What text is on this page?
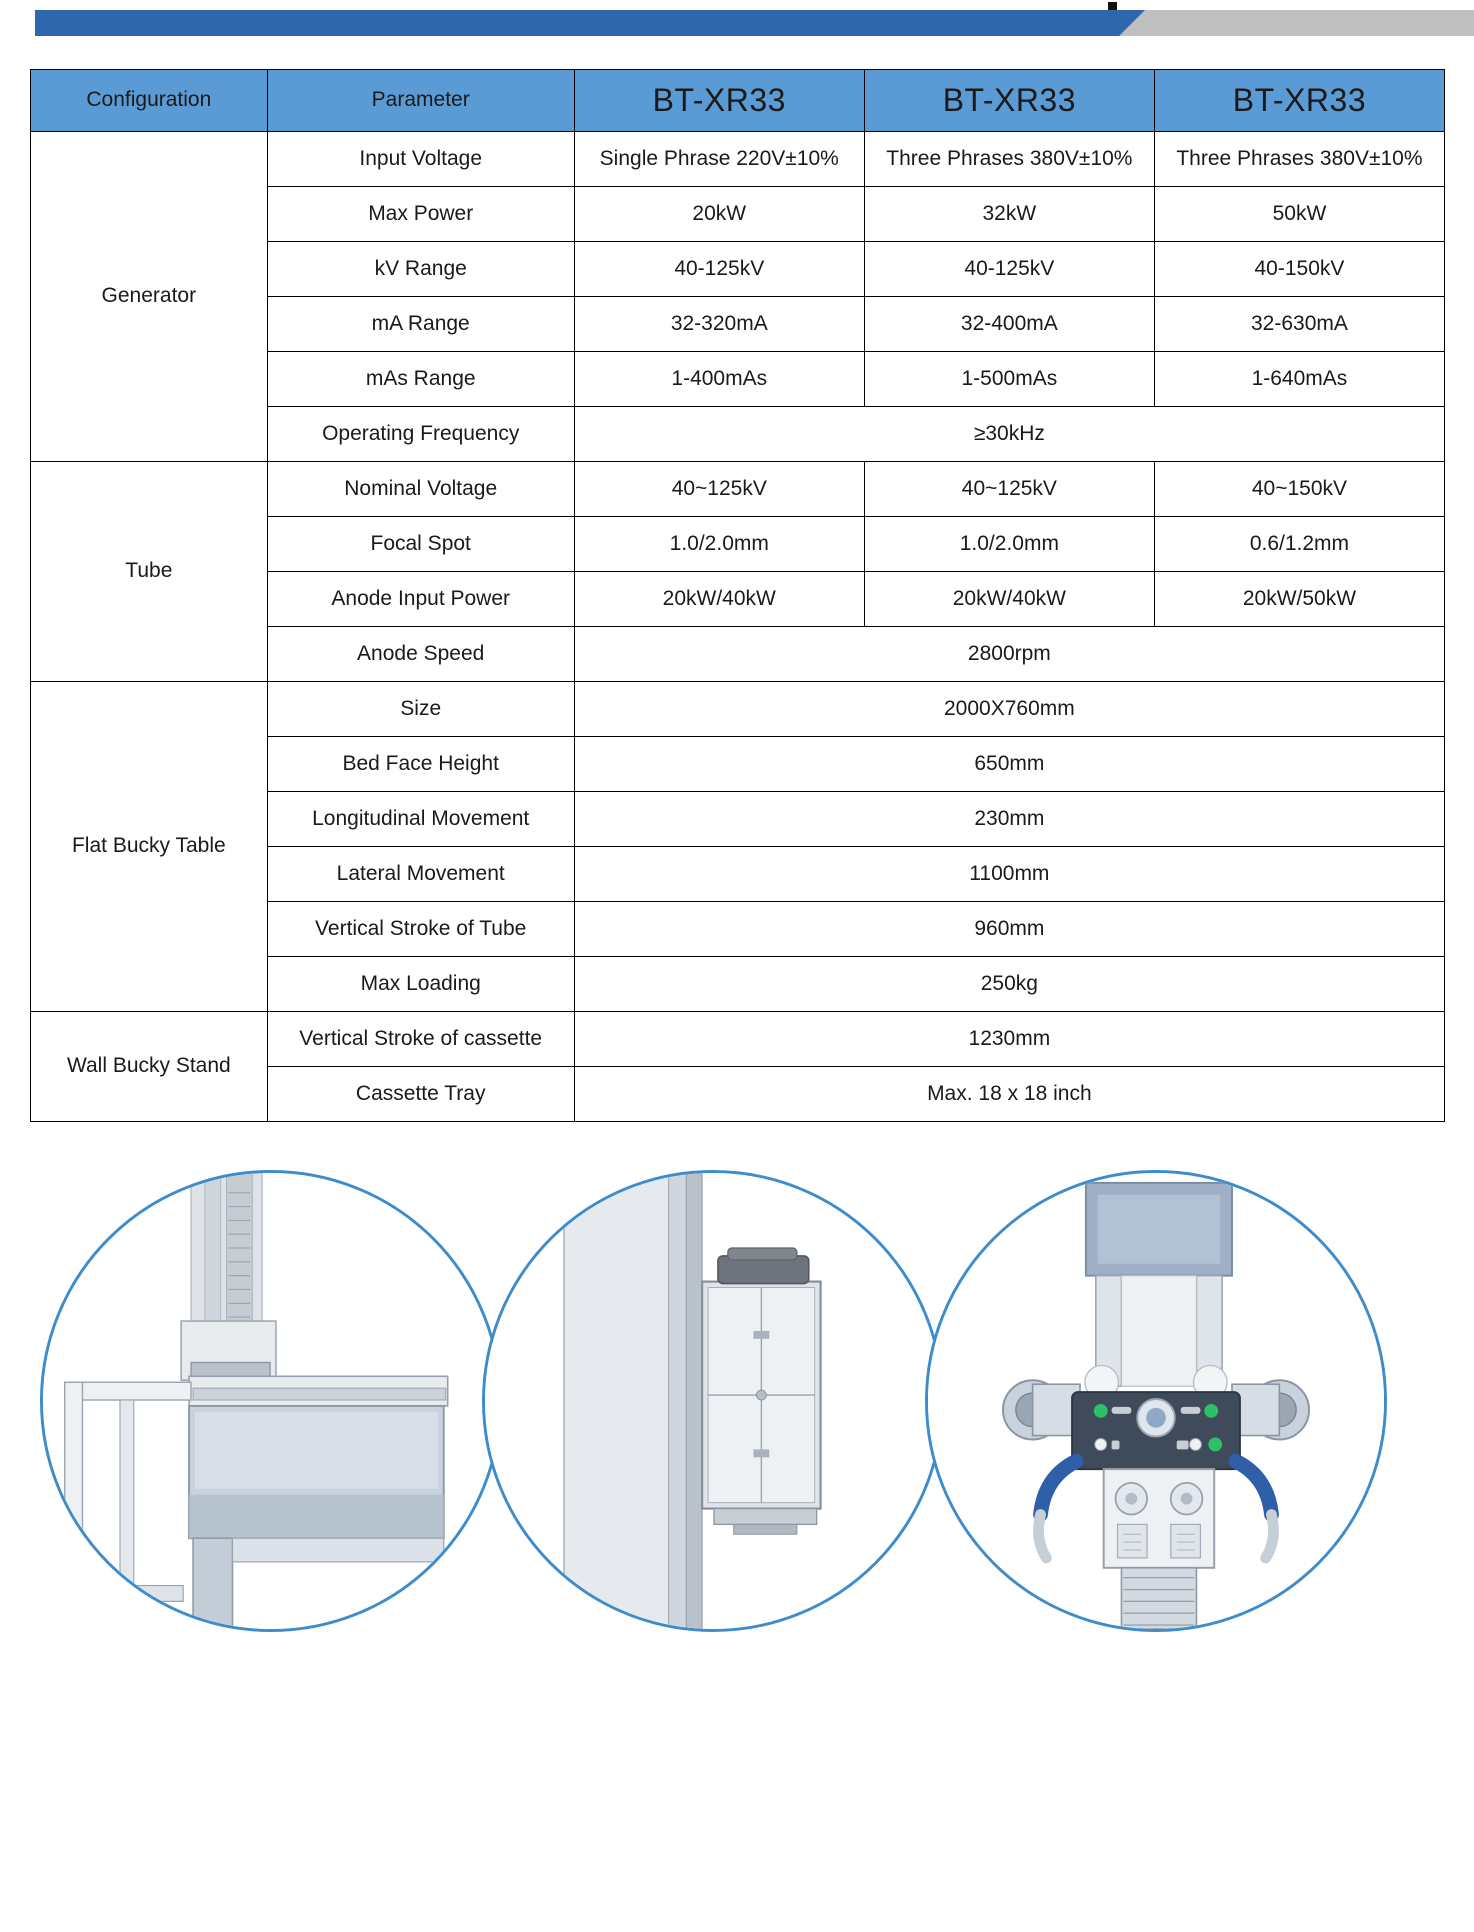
Configuration	Parameter	BT-XR33	BT-XR33	BT-XR33
Generator	Input Voltage	Single Phrase 220V±10%	Three Phrases 380V±10%	Three Phrases 380V±10%
	Max Power	20kW	32kW	50kW
	kV Range	40-125kV	40-125kV	40-150kV
	mA Range	32-320mA	32-400mA	32-630mA
	mAs Range	1-400mAs	1-500mAs	1-640mAs
	Operating Frequency	≥30kHz		
Tube	Nominal Voltage	40~125kV	40~125kV	40~150kV
	Focal Spot	1.0/2.0mm	1.0/2.0mm	0.6/1.2mm
	Anode Input Power	20kW/40kW	20kW/40kW	20kW/50kW
	Anode Speed	2800rpm		
Flat Bucky Table	Size	2000X760mm		
	Bed Face Height	650mm		
	Longitudinal Movement	230mm		
	Lateral Movement	1100mm		
	Vertical Stroke of Tube	960mm		
	Max Loading	250kg		
Wall Bucky Stand	Vertical Stroke of cassette	1230mm		
	Cassette Tray	Max. 18 x 18 inch		
